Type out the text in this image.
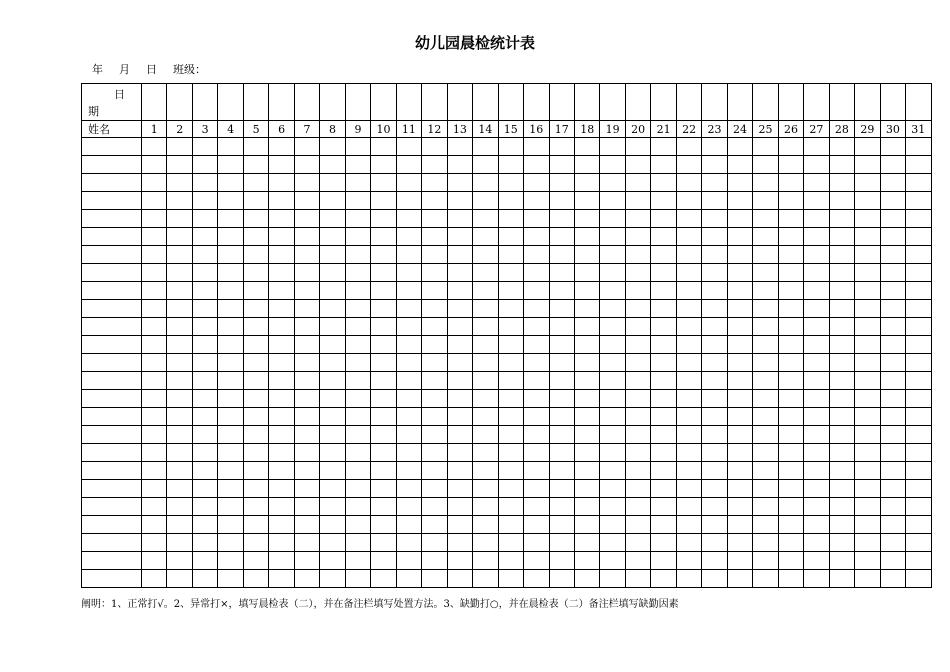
幼儿园晨检统计表
年 月 日 班级：
日
期																															

姓名	1	2	3	4	5	6	7	8	9	10	11	12	13	14	15	16	17	18	19	20	21	22	23	24	25	26	27	28	29	30	31

阐明：1、正常打√。2、异常打×，填写晨检表（二），并在备注栏填写处置方法。3、缺勤打○，并在晨检表（二）备注栏填写缺勤因素
